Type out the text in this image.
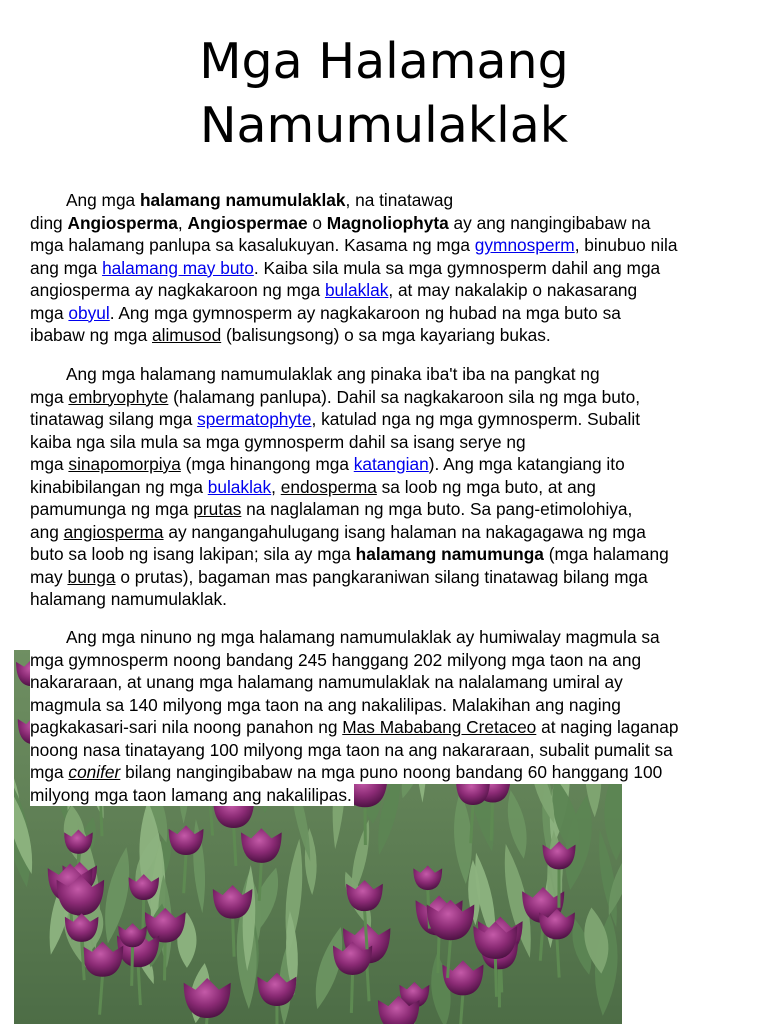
Mga Halamang
Namumulaklak

Ang mga halamang namumulaklak, na tinatawag
ding Angiosperma, Angiospermae o Magnoliophyta ay ang nangingibabaw na
mga halamang panlupa sa kasalukuyan. Kasama ng mga gymnosperm, binubuo nila
ang mga halamang may buto. Kaiba sila mula sa mga gymnosperm dahil ang mga
angiosperma ay nagkakaroon ng mga bulaklak, at may nakalakip o nakasarang
mga obyul. Ang mga gymnosperm ay nagkakaroon ng hubad na mga buto sa
ibabaw ng mga alimusod (balisungsong) o sa mga kayariang bukas.

Ang mga halamang namumulaklak ang pinaka iba't iba na pangkat ng
mga embryophyte (halamang panlupa). Dahil sa nagkakaroon sila ng mga buto,
tinatawag silang mga spermatophyte, katulad nga ng mga gymnosperm. Subalit
kaiba nga sila mula sa mga gymnosperm dahil sa isang serye ng
mga sinapomorpiya (mga hinangong mga katangian). Ang mga katangiang ito
kinabibilangan ng mga bulaklak, endosperma sa loob ng mga buto, at ang
pamumunga ng mga prutas na naglalaman ng mga buto. Sa pang-etimolohiya,
ang angiosperma ay nangangahulugang isang halaman na nakagagawa ng mga
buto sa loob ng isang lakipan; sila ay mga halamang namumunga (mga halamang
may bunga o prutas), bagaman mas pangkaraniwan silang tinatawag bilang mga
halamang namumulaklak.

Ang mga ninuno ng mga halamang namumulaklak ay humiwalay magmula sa
mga gymnosperm noong bandang 245 hanggang 202 milyong mga taon na ang
nakararaan, at unang mga halamang namumulaklak na nalalamang umiral ay
magmula sa 140 milyong mga taon na ang nakalilipas. Malakihan ang naging
pagkakasari-sari nila noong panahon ng Mas Mababang Cretaceo at naging laganap
noong nasa tinatayang 100 milyong mga taon na ang nakararaan, subalit pumalit sa
mga conifer bilang nangingibabaw na mga puno noong bandang 60 hanggang 100
milyong mga taon lamang ang nakalilipas.
